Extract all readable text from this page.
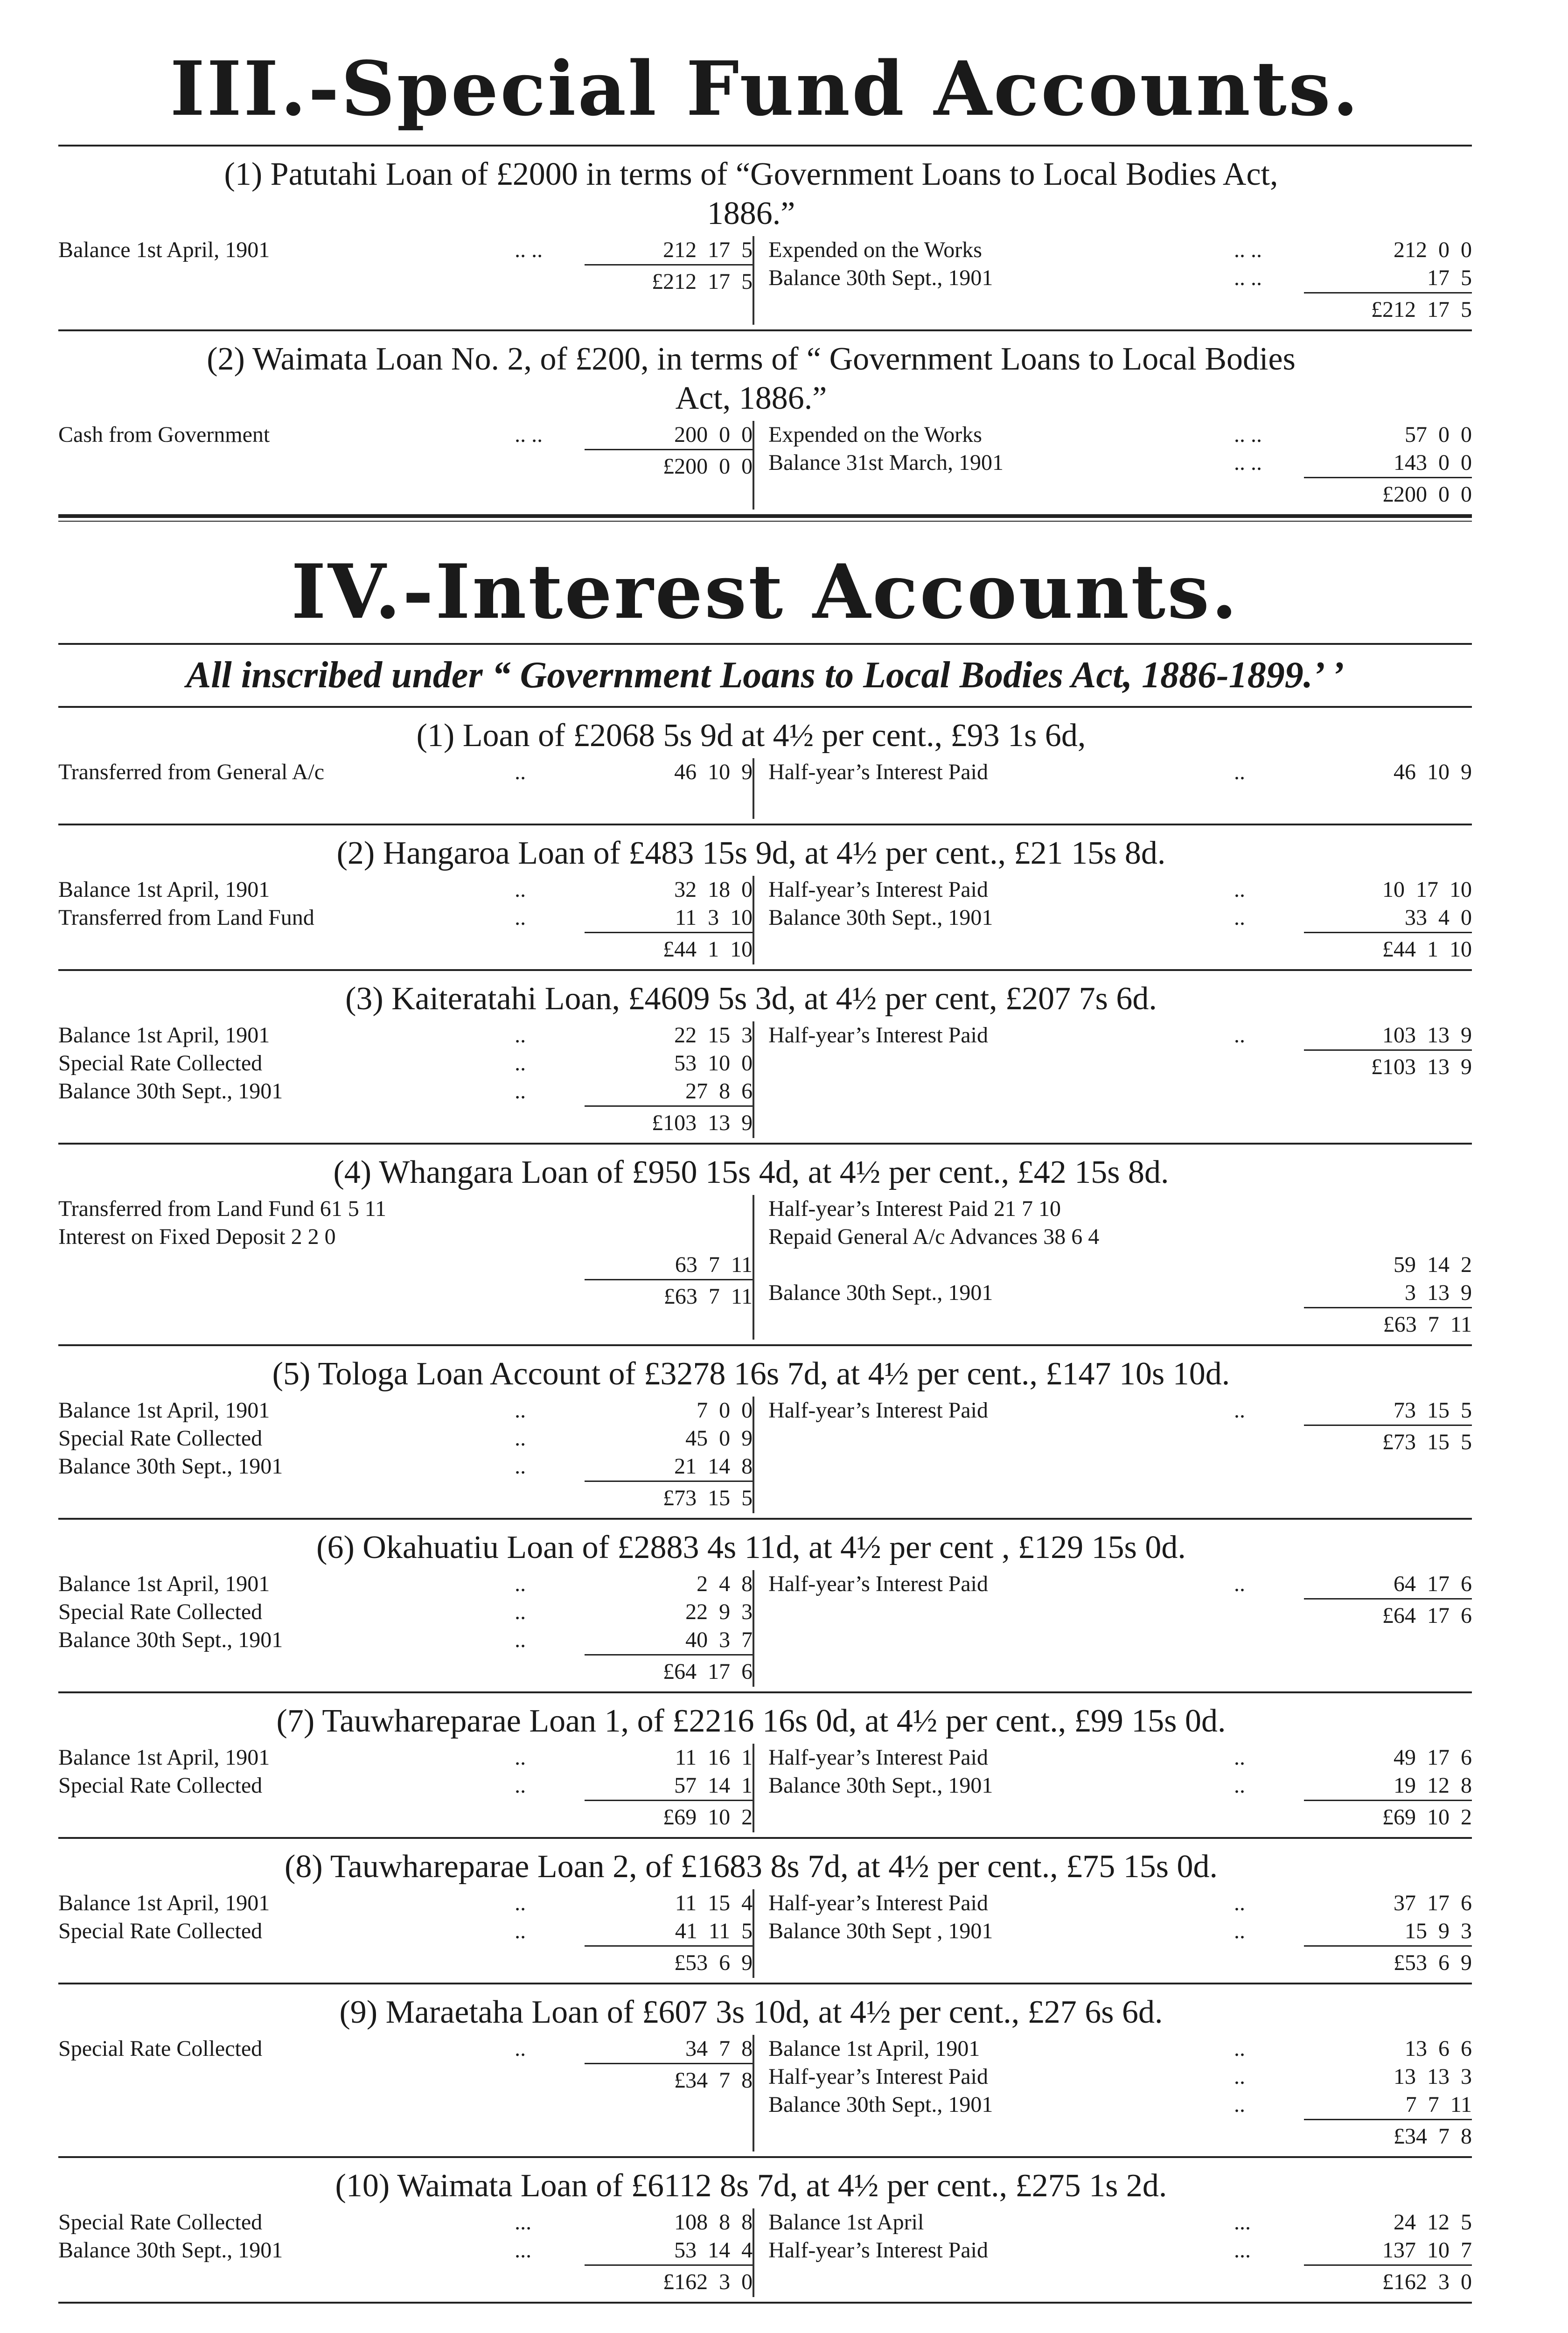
III.-Special Fund Accounts.
(1) Patutahi Loan of £2000 in terms of “Government Loans to Local Bodies Act, 1886.”
Balance 1st April, 1901	.. ..	212  17  5
£212  17  5
Expended on the Works	.. ..	212  0  0
Balance 30th Sept., 1901	.. ..	17  5
£212  17  5
(2) Waimata Loan No. 2, of £200, in terms of “ Government Loans to Local Bodies Act, 1886.”
Cash from Government	.. ..	200  0  0
£200  0  0
Expended on the Works	.. ..	57  0  0
Balance 31st March, 1901	.. ..	143  0  0
£200  0  0
IV.-Interest Accounts.
All inscribed under “ Government Loans to Local Bodies Act, 1886-1899.’ ’
(1) Loan of £2068 5s 9d at 4½ per cent., £93 1s 6d,
Transferred from General A/c	..	46  10  9 Half-year’s Interest Paid	..	46  10  9
(2) Hangaroa Loan of £483 15s 9d, at 4½ per cent., £21 15s 8d.
Balance 1st April, 1901	..	32  18  0
Transferred from Land Fund	..	11  3  10
£44  1  10
Half-year’s Interest Paid	..	10  17  10
Balance 30th Sept., 1901	..	33  4  0
£44  1  10
(3) Kaiteratahi Loan, £4609 5s 3d, at 4½ per cent, £207 7s 6d.
Balance 1st April, 1901	..	22  15  3
Special Rate Collected	..	53  10  0
Balance 30th Sept., 1901	..	27  8  6
£103  13  9
Half-year’s Interest Paid	..	103  13  9
£103  13  9
(4) Whangara Loan of £950 15s 4d, at 4½ per cent., £42 15s 8d.
Transferred from Land Fund 61 5 11
Interest on Fixed Deposit 2 2 0
63  7  11
£63  7  11
Half-year’s Interest Paid 21 7 10
Repaid General A/c Advances 38 6 4
59  14  2
Balance 30th Sept., 1901	3  13  9
£63  7  11
(5) Tologa Loan Account of £3278 16s 7d, at 4½ per cent., £147 10s 10d.
Balance 1st April, 1901	..	7  0  0
Special Rate Collected	..	45  0  9
Balance 30th Sept., 1901	..	21  14  8
£73  15  5
Half-year’s Interest Paid	..	73  15  5
£73  15  5
(6) Okahuatiu Loan of £2883 4s 11d, at 4½ per cent , £129 15s 0d.
Balance 1st April, 1901	..	2  4  8
Special Rate Collected	..	22  9  3
Balance 30th Sept., 1901	..	40  3  7
£64  17  6
Half-year’s Interest Paid	..	64  17  6
£64  17  6
(7) Tauwhareparae Loan 1, of £2216 16s 0d, at 4½ per cent., £99 15s 0d.
Balance 1st April, 1901	..	11  16  1
Special Rate Collected	..	57  14  1
£69  10  2
Half-year’s Interest Paid	..	49  17  6
Balance 30th Sept., 1901	..	19  12  8
£69  10  2
(8) Tauwhareparae Loan 2, of £1683 8s 7d, at 4½ per cent., £75 15s 0d.
Balance 1st April, 1901	..	11  15  4
Special Rate Collected	..	41  11  5
£53  6  9
Half-year’s Interest Paid	..	37  17  6
Balance 30th Sept , 1901	..	15  9  3
£53  6  9
(9) Maraetaha Loan of £607 3s 10d, at 4½ per cent., £27 6s 6d.
Special Rate Collected	..	34  7  8
£34  7  8
Balance 1st April, 1901	..	13  6  6
Half-year’s Interest Paid	..	13  13  3
Balance 30th Sept., 1901	..	7  7  11
£34  7  8
(10) Waimata Loan of £6112 8s 7d, at 4½ per cent., £275 1s 2d.
Special Rate Collected	...	108  8  8
Balance 30th Sept., 1901	...	53  14  4
£162  3  0
Balance 1st April	...	24  12  5
Half-year’s Interest Paid	...	137  10  7
£162  3  0
